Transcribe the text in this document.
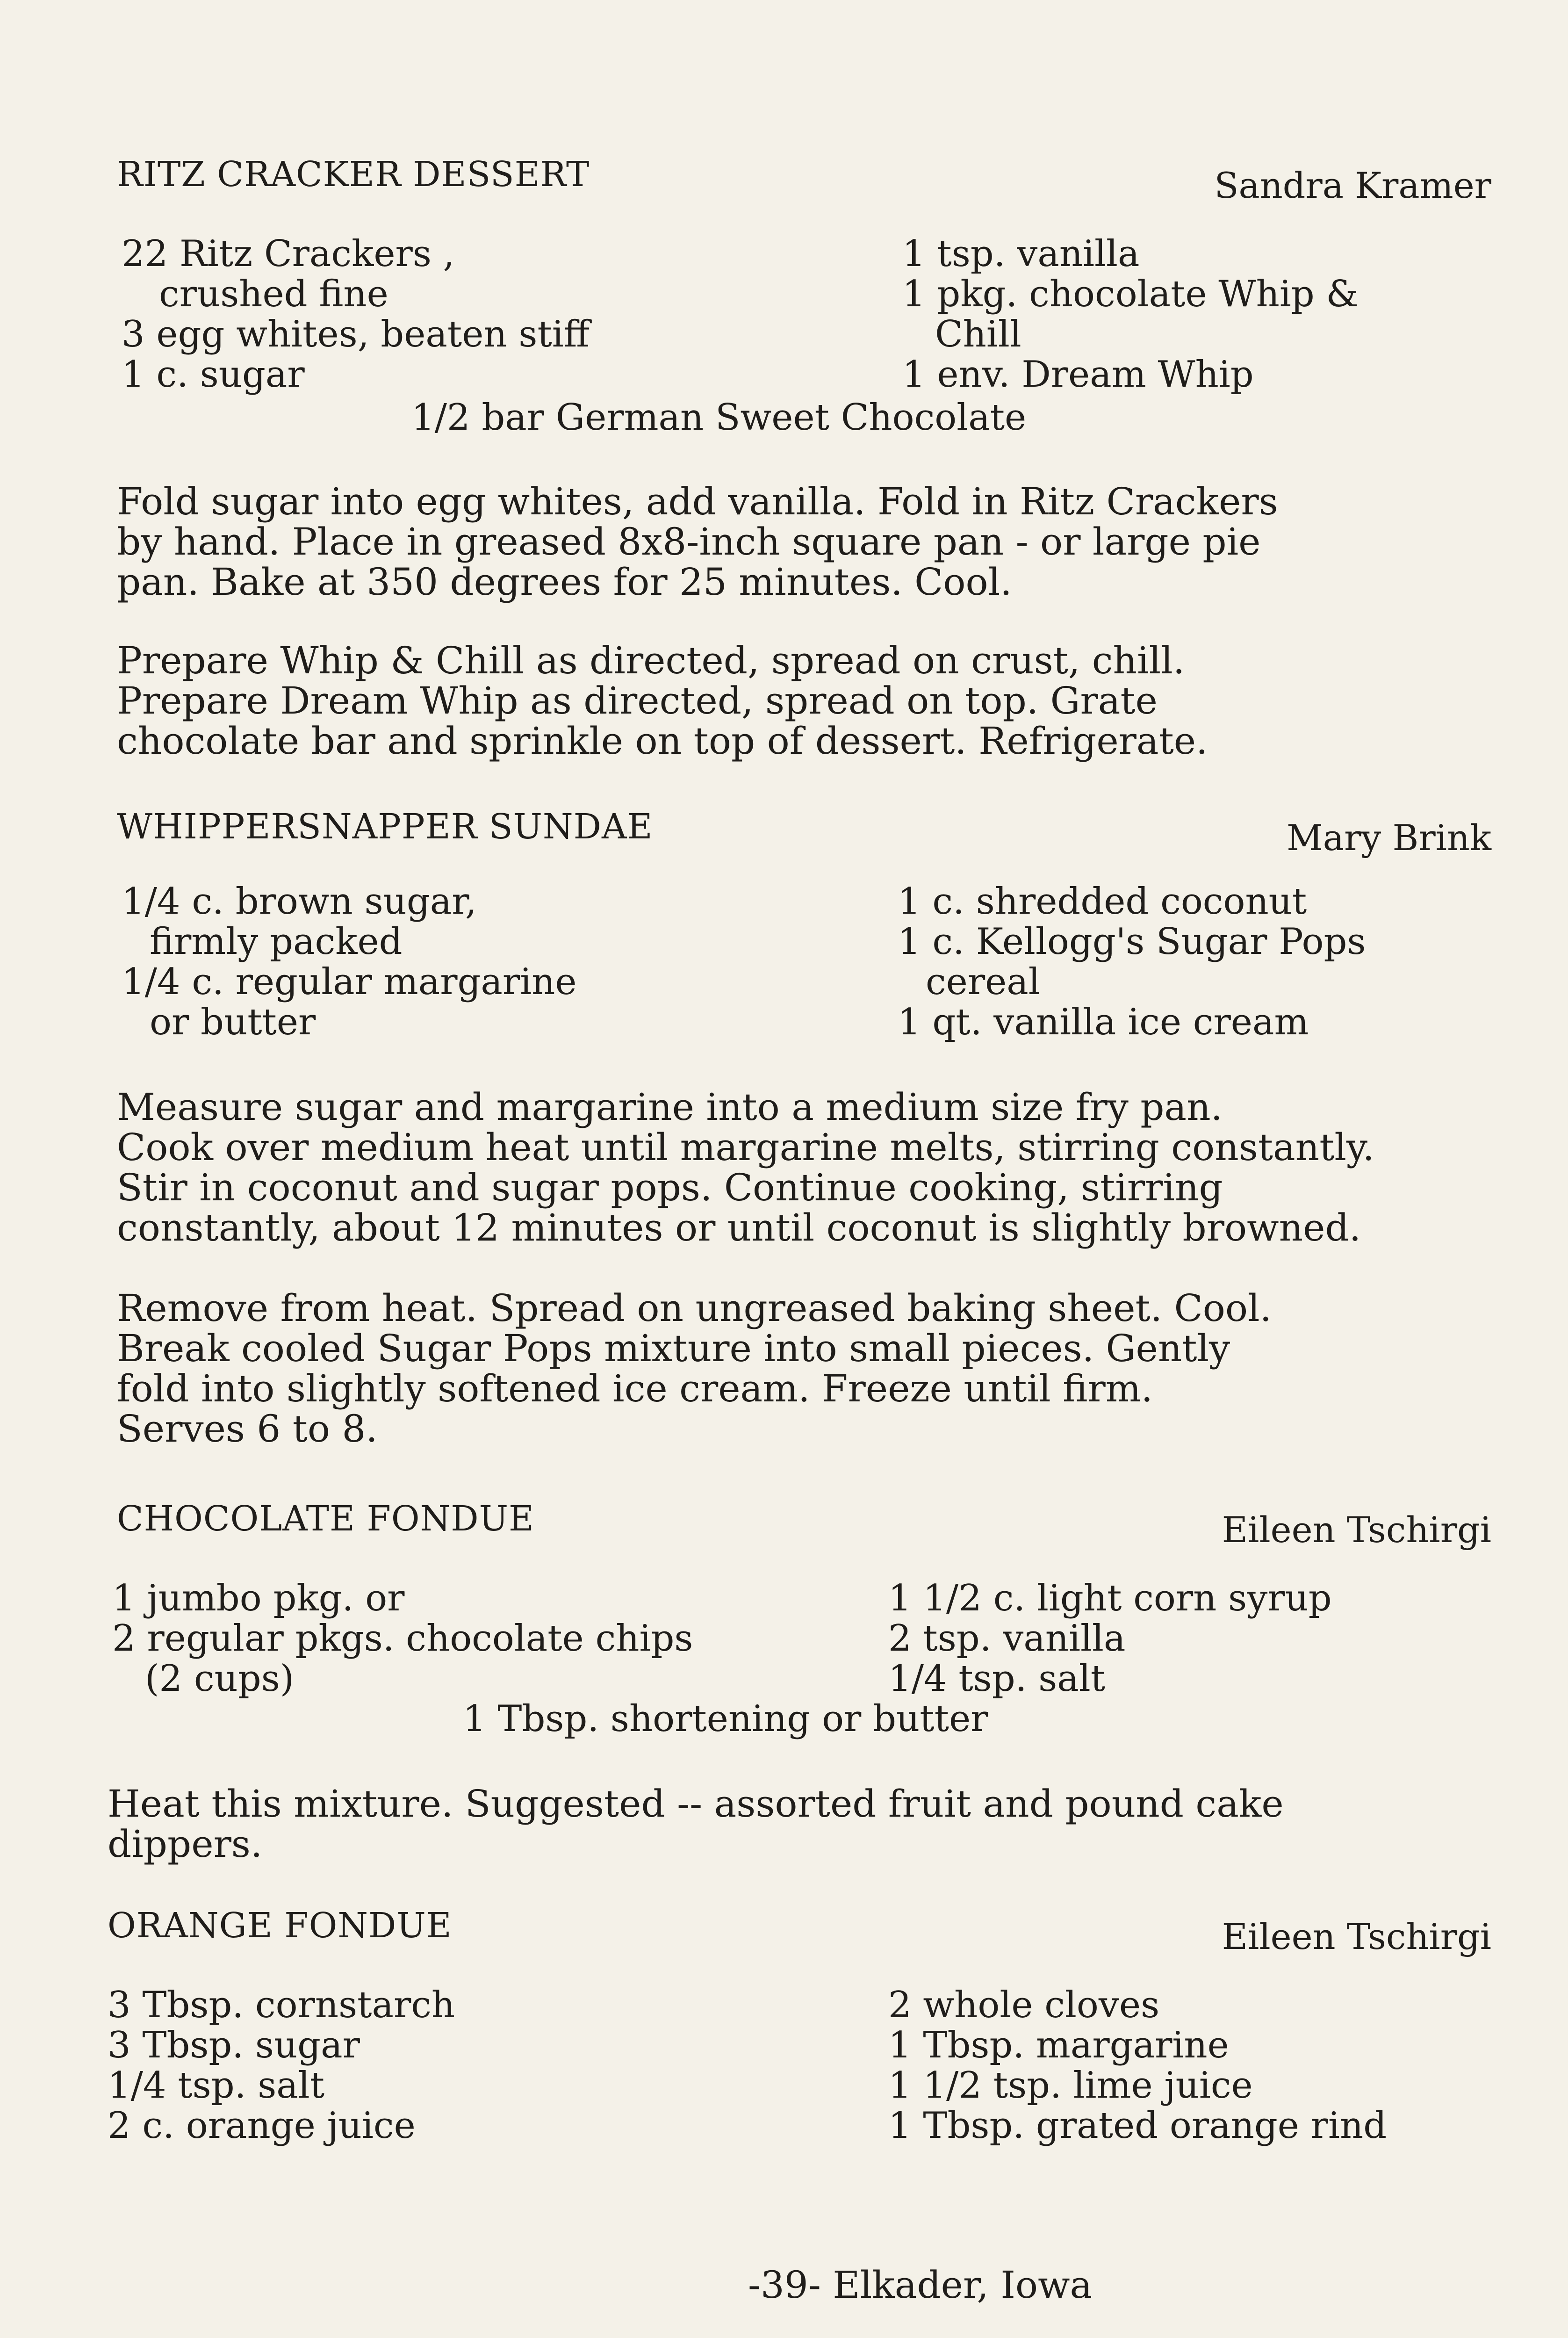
RITZ CRACKER DESSERT	Sandra Kramer
22 Ritz Crackers ,
crushed fine
3 egg whites, beaten stiff
1 c. sugar
1 tsp. vanilla
1 pkg. chocolate Whip &
Chill
1 env. Dream Whip
1/2 bar German Sweet Chocolate
Fold sugar into egg whites, add vanilla. Fold in Ritz Crackers
by hand. Place in greased 8x8-inch square pan - or large pie
pan. Bake at 350 degrees for 25 minutes. Cool.
Prepare Whip & Chill as directed, spread on crust, chill.
Prepare Dream Whip as directed, spread on top. Grate
chocolate bar and sprinkle on top of dessert. Refrigerate.
WHIPPERSNAPPER SUNDAE	Mary Brink
1/4 c. brown sugar,
firmly packed
1/4 c. regular margarine
or butter
1 c. shredded coconut
1 c. Kellogg's Sugar Pops
cereal
1 qt. vanilla ice cream
Measure sugar and margarine into a medium size fry pan.
Cook over medium heat until margarine melts, stirring constantly.
Stir in coconut and sugar pops. Continue cooking, stirring
constantly, about 12 minutes or until coconut is slightly browned.
Remove from heat. Spread on ungreased baking sheet. Cool.
Break cooled Sugar Pops mixture into small pieces. Gently
fold into slightly softened ice cream. Freeze until firm.
Serves 6 to 8.
CHOCOLATE FONDUE	Eileen Tschirgi
1 jumbo pkg. or
2 regular pkgs. chocolate chips
(2 cups)
1 1/2 c. light corn syrup
2 tsp. vanilla
1/4 tsp. salt
1 Tbsp. shortening or butter
Heat this mixture. Suggested -- assorted fruit and pound cake
dippers.
ORANGE FONDUE	Eileen Tschirgi
3 Tbsp. cornstarch
3 Tbsp. sugar
1/4 tsp. salt
2 c. orange juice
2 whole cloves
1 Tbsp. margarine
1 1/2 tsp. lime juice
1 Tbsp. grated orange rind
-39- Elkader, Iowa
